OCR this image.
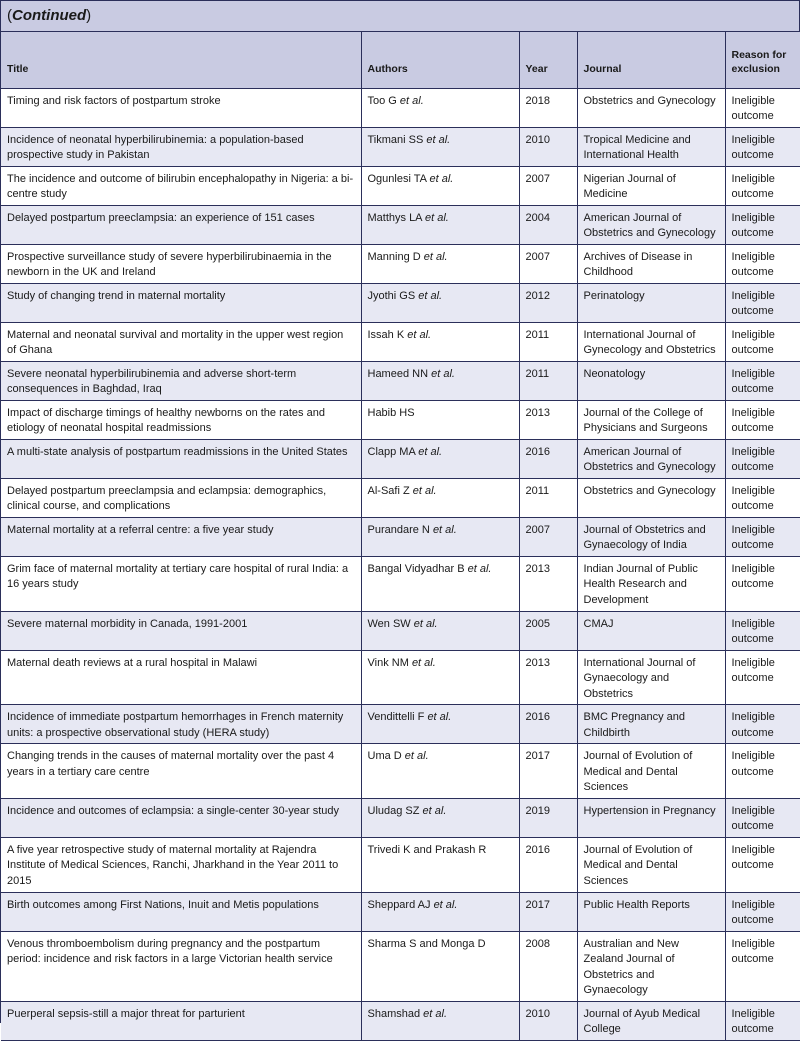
(Continued)
Title	Authors	Year	Journal	Reason for exclusion
Timing and risk factors of postpartum stroke	Too G et al.	2018	Obstetrics and Gynecology	Ineligible outcome
Incidence of neonatal hyperbilirubinemia: a population-based prospective study in Pakistan	Tikmani SS et al.	2010	Tropical Medicine and International Health	Ineligible outcome
The incidence and outcome of bilirubin encephalopathy in Nigeria: a bi-centre study	Ogunlesi TA et al.	2007	Nigerian Journal of Medicine	Ineligible outcome
Delayed postpartum preeclampsia: an experience of 151 cases	Matthys LA et al.	2004	American Journal of Obstetrics and Gynecology	Ineligible outcome
Prospective surveillance study of severe hyperbilirubinaemia in the newborn in the UK and Ireland	Manning D et al.	2007	Archives of Disease in Childhood	Ineligible outcome
Study of changing trend in maternal mortality	Jyothi GS et al.	2012	Perinatology	Ineligible outcome
Maternal and neonatal survival and mortality in the upper west region of Ghana	Issah K et al.	2011	International Journal of Gynecology and Obstetrics	Ineligible outcome
Severe neonatal hyperbilirubinemia and adverse short-term consequences in Baghdad, Iraq	Hameed NN et al.	2011	Neonatology	Ineligible outcome
Impact of discharge timings of healthy newborns on the rates and etiology of neonatal hospital readmissions	Habib HS	2013	Journal of the College of Physicians and Surgeons	Ineligible outcome
A multi-state analysis of postpartum readmissions in the United States	Clapp MA et al.	2016	American Journal of Obstetrics and Gynecology	Ineligible outcome
Delayed postpartum preeclampsia and eclampsia: demographics, clinical course, and complications	Al-Safi Z et al.	2011	Obstetrics and Gynecology	Ineligible outcome
Maternal mortality at a referral centre: a five year study	Purandare N et al.	2007	Journal of Obstetrics and Gynaecology of India	Ineligible outcome
Grim face of maternal mortality at tertiary care hospital of rural India: a 16 years study	Bangal Vidyadhar B et al.	2013	Indian Journal of Public Health Research and Development	Ineligible outcome
Severe maternal morbidity in Canada, 1991-2001	Wen SW et al.	2005	CMAJ	Ineligible outcome
Maternal death reviews at a rural hospital in Malawi	Vink NM et al.	2013	International Journal of Gynaecology and Obstetrics	Ineligible outcome
Incidence of immediate postpartum hemorrhages in French maternity units: a prospective observational study (HERA study)	Vendittelli F et al.	2016	BMC Pregnancy and Childbirth	Ineligible outcome
Changing trends in the causes of maternal mortality over the past 4 years in a tertiary care centre	Uma D et al.	2017	Journal of Evolution of Medical and Dental Sciences	Ineligible outcome
Incidence and outcomes of eclampsia: a single-center 30-year study	Uludag SZ et al.	2019	Hypertension in Pregnancy	Ineligible outcome
A five year retrospective study of maternal mortality at Rajendra Institute of Medical Sciences, Ranchi, Jharkhand in the Year 2011 to 2015	Trivedi K and Prakash R	2016	Journal of Evolution of Medical and Dental Sciences	Ineligible outcome
Birth outcomes among First Nations, Inuit and Metis populations	Sheppard AJ et al.	2017	Public Health Reports	Ineligible outcome
Venous thromboembolism during pregnancy and the postpartum period: incidence and risk factors in a large Victorian health service	Sharma S and Monga D	2008	Australian and New Zealand Journal of Obstetrics and Gynaecology	Ineligible outcome
Puerperal sepsis-still a major threat for parturient	Shamshad et al.	2010	Journal of Ayub Medical College	Ineligible outcome
